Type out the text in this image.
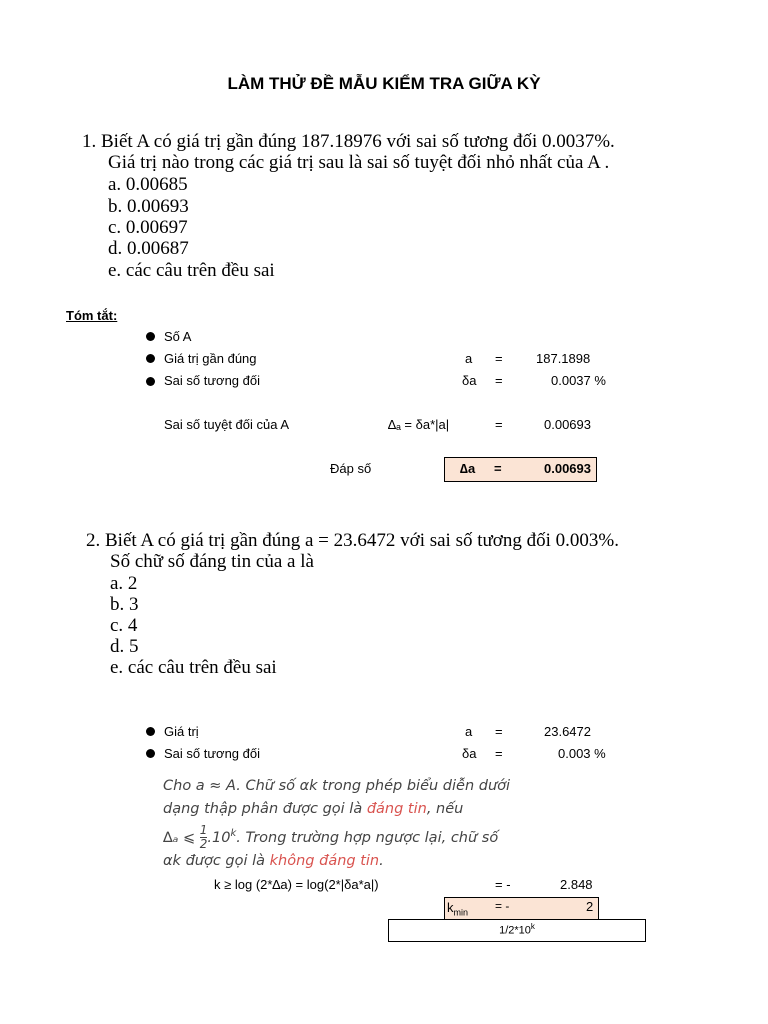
LÀM THỬ ĐỀ MẪU KIỂM TRA GIỮA KỲ
1. Biết A có giá trị gần đúng 187.18976 với sai số tương đối 0.0037%.
Giá trị nào trong các giá trị sau là sai số tuyệt đối nhỏ nhất của A .
a. 0.00685
b. 0.00693
c. 0.00697
d. 0.00687
e. các câu trên đều sai
Tóm tắt:
Số A
Giá trị gần đúng	a =	187.1898
Sai số tương đối	δa =	0.0037 %
Sai số tuyệt đối của A	∆ₐ = δa*|a|	=	0.00693
Đáp số	∆a =	0.00693
2. Biết A có giá trị gần đúng a = 23.6472 với sai số tương đối 0.003%.
Số chữ số đáng tin của a là
a. 2
b. 3
c. 4
d. 5
e. các câu trên đều sai
Giá trị	a =	23.6472
Sai số tương đối	δa =	0.003 %
Cho a ≈ A. Chữ số αk trong phép biểu diễn dưới
dạng thập phân được gọi là đáng tin, nếu
∆ₐ ⩽ $\frac{1}{2} .10^k$. Trong trường hợp ngược lại, chữ số
αk được gọi là không đáng tin.
k ≥ log (2*∆a) = log(2*|δa*a|)	= -	2.848
$k_{min}$ = -	2
1/2*10$^k$
